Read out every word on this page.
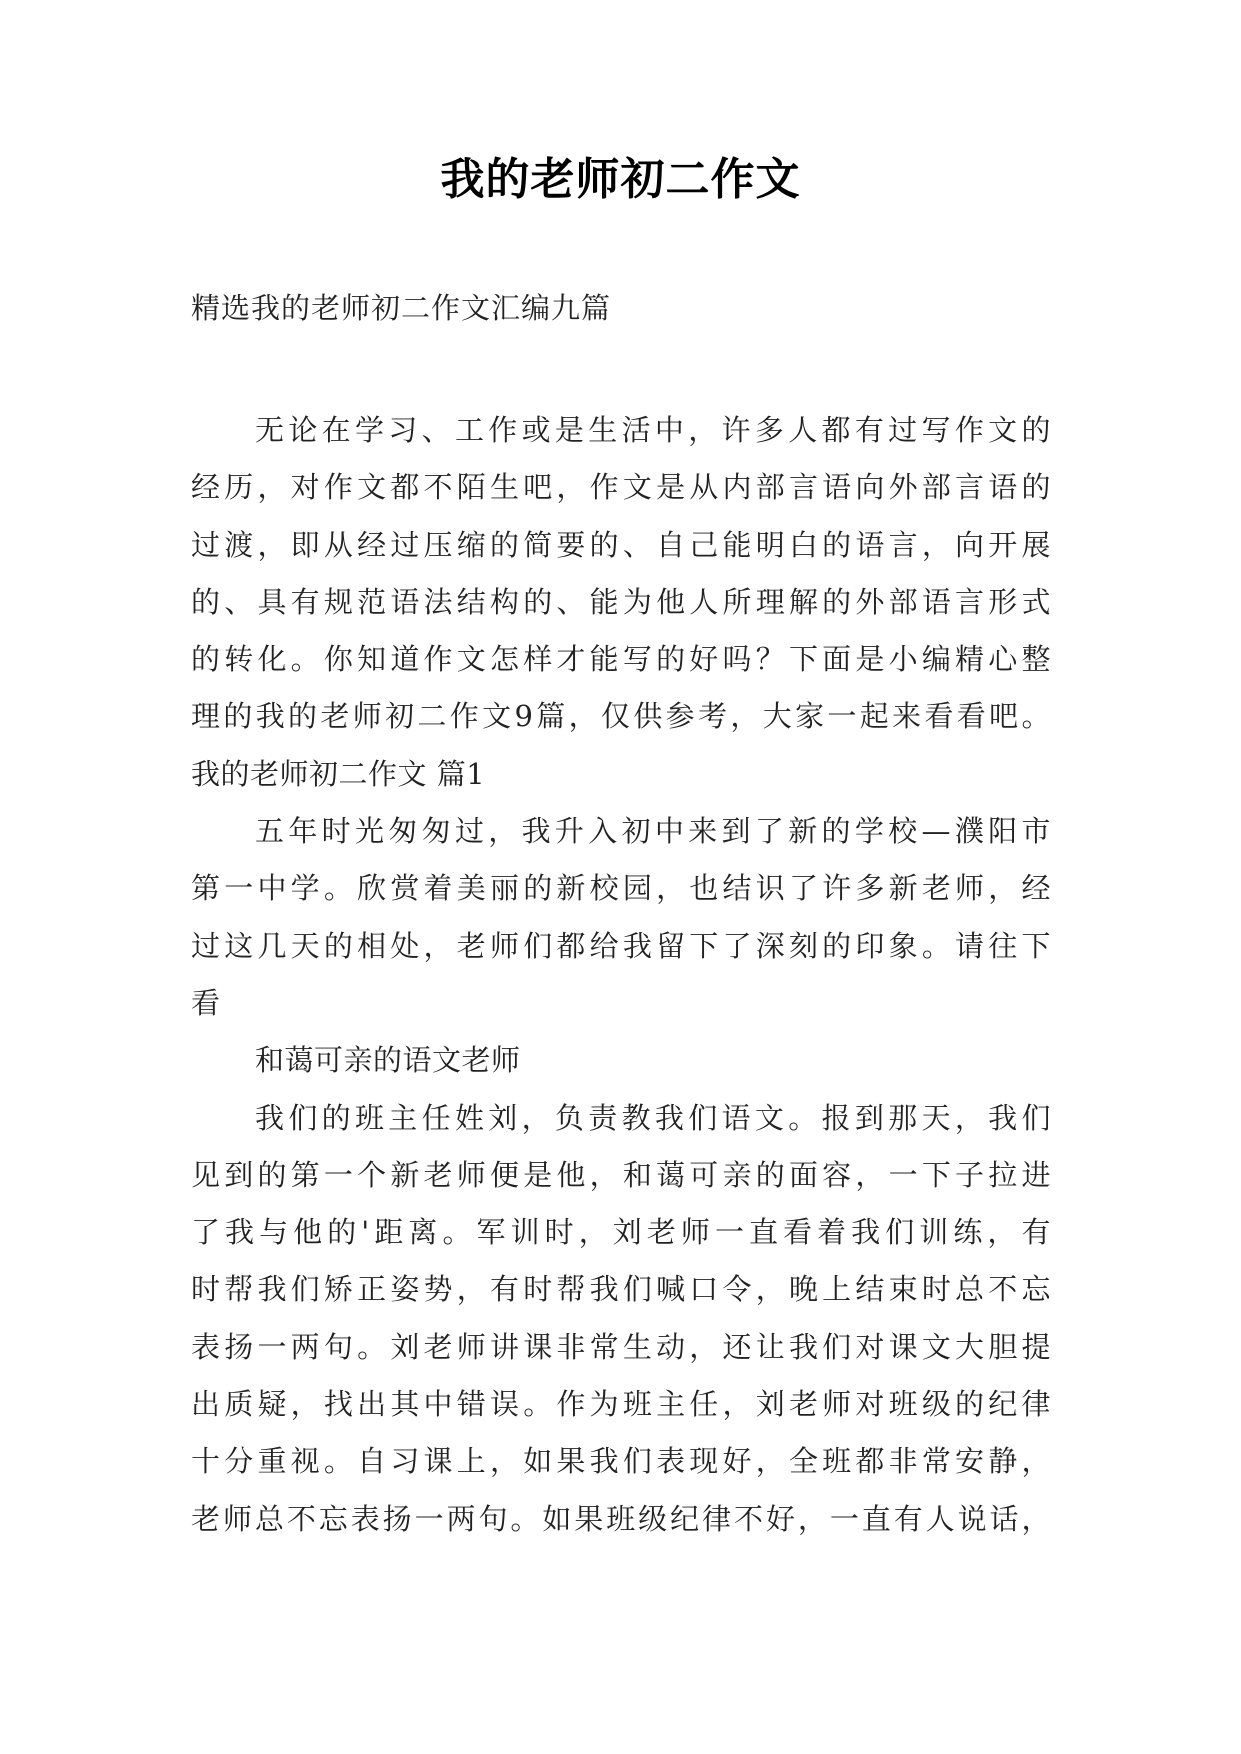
我的老师初二作文
精选我的老师初二作文汇编九篇
无论在学习、工作或是生活中，许多人都有过写作文的
经历，对作文都不陌生吧，作文是从内部言语向外部言语的
过渡，即从经过压缩的简要的、自己能明白的语言，向开展
的、具有规范语法结构的、能为他人所理解的外部语言形式
的转化。你知道作文怎样才能写的好吗？下面是小编精心整
理的我的老师初二作文9篇，仅供参考，大家一起来看看吧。
我的老师初二作文 篇1
五年时光匆匆过，我升入初中来到了新的学校—濮阳市
第一中学。欣赏着美丽的新校园，也结识了许多新老师，经
过这几天的相处，老师们都给我留下了深刻的印象。请往下
看
和蔼可亲的语文老师
我们的班主任姓刘，负责教我们语文。报到那天，我们
见到的第一个新老师便是他，和蔼可亲的面容，一下子拉进
了我与他的'距离。军训时，刘老师一直看着我们训练，有
时帮我们矫正姿势，有时帮我们喊口令，晚上结束时总不忘
表扬一两句。刘老师讲课非常生动，还让我们对课文大胆提
出质疑，找出其中错误。作为班主任，刘老师对班级的纪律
十分重视。自习课上，如果我们表现好，全班都非常安静，
老师总不忘表扬一两句。如果班级纪律不好，一直有人说话，
